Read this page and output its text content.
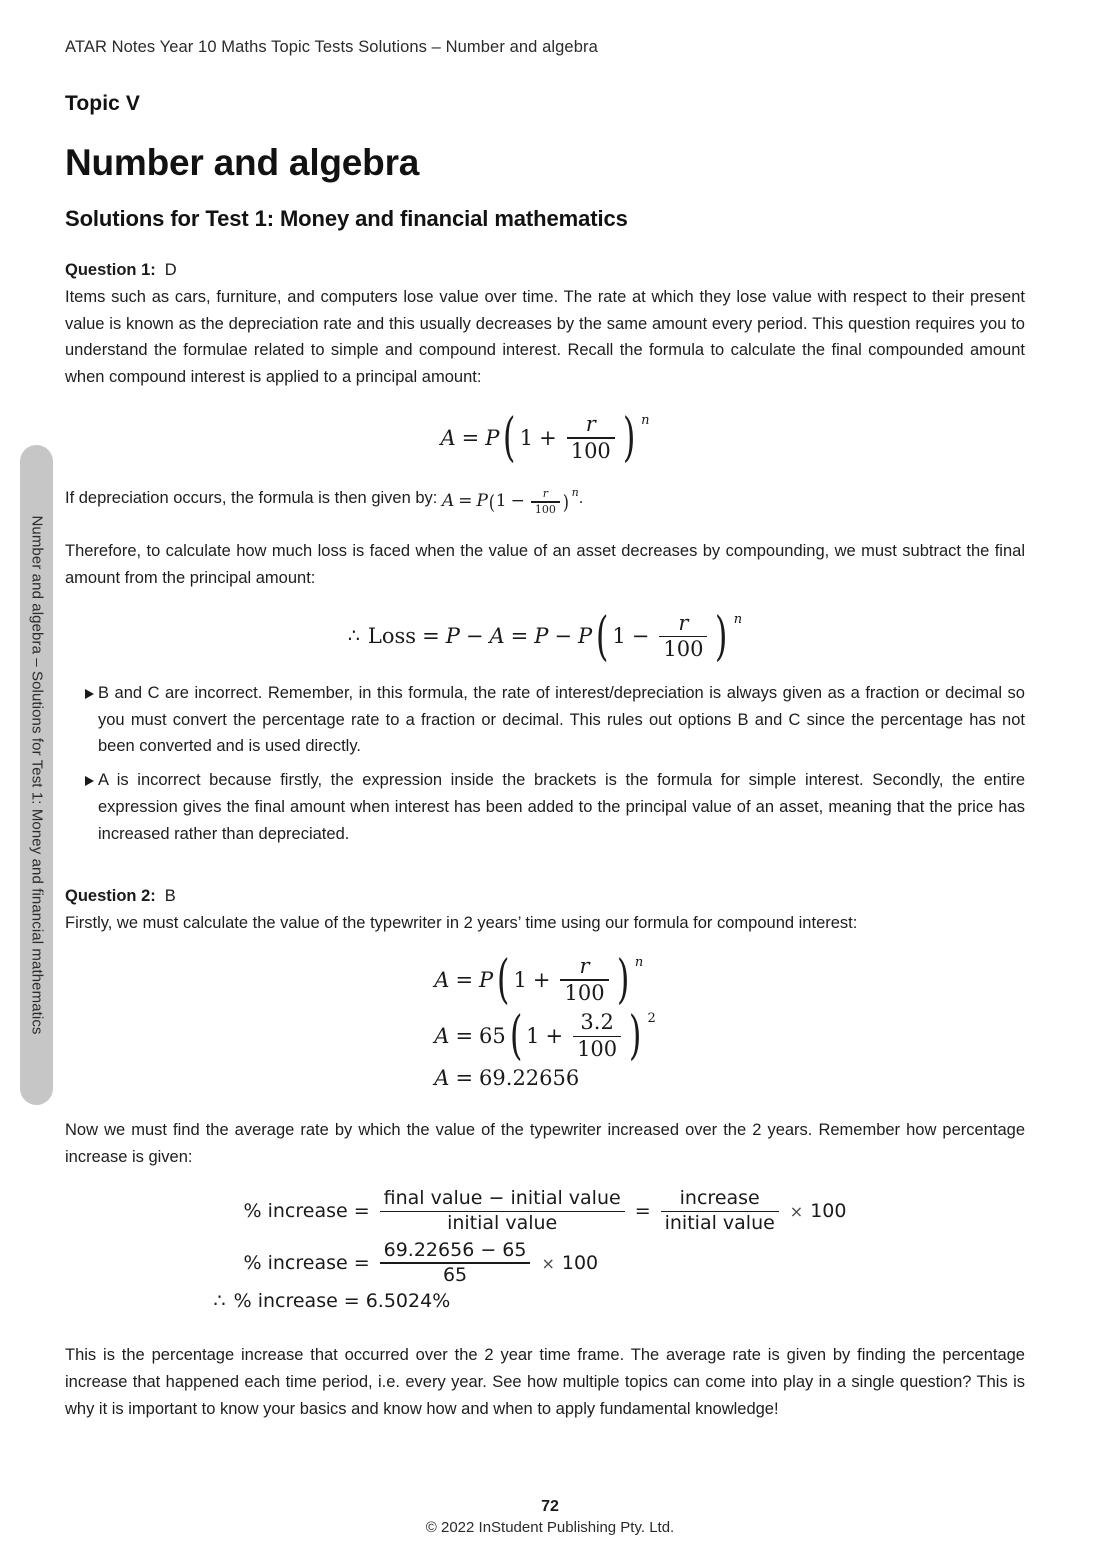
ATAR Notes Year 10 Maths Topic Tests Solutions – Number and algebra
Number and algebra – Solutions for Test 1: Money and financial mathematics
Topic V
Number and algebra
Solutions for Test 1: Money and financial mathematics
Question 1: D

Items such as cars, furniture, and computers lose value over time. The rate at which they lose value with respect to their present value is known as the depreciation rate and this usually decreases by the same amount every period. This question requires you to understand the formulae related to simple and compound interest. Recall the formula to calculate the final compounded amount when compound interest is applied to a principal amount:

A = P ( $1 + \frac{r}{100}$ ) n

If depreciation occurs, the formula is then given by: A = P ( $1 - \frac{r}{100}$ ) n .

Therefore, to calculate how much loss is faced when the value of an asset decreases by compounding, we must subtract the final amount from the principal amount:

∴ Loss = P − A = P − P ( $1 - \frac{r}{100}$ ) n
B and C are incorrect. Remember, in this formula, the rate of interest/depreciation is always given as a fraction or decimal so you must convert the percentage rate to a fraction or decimal. This rules out options B and C since the percentage has not been converted and is used directly.
A is incorrect because firstly, the expression inside the brackets is the formula for simple interest. Secondly, the entire expression gives the final amount when interest has been added to the principal value of an asset, meaning that the price has increased rather than depreciated.
Question 2: B

Firstly, we must calculate the value of the typewriter in 2 years’ time using our formula for compound interest:

A = P ( $1 + \frac{r}{100}$ ) n
A = 65 ( $1 + \frac{3.2}{100}$ ) 2
A = 69.22656

Now we must find the average rate by which the value of the typewriter increased over the 2 years. Remember how percentage increase is given:

% increase = $\frac{\text{final value − initial value}}{\text{initial value}} = \frac{\text{increase}}{\text{initial value}} \times 100$
% increase = $\frac{69.22656 - 65}{65} \times 100$
∴ % increase = 6.5024%

This is the percentage increase that occurred over the 2 year time frame. The average rate is given by finding the percentage increase that happened each time period, i.e. every year. See how multiple topics can come into play in a single question? This is why it is important to know your basics and know how and when to apply fundamental knowledge!

72
© 2022 InStudent Publishing Pty. Ltd.
